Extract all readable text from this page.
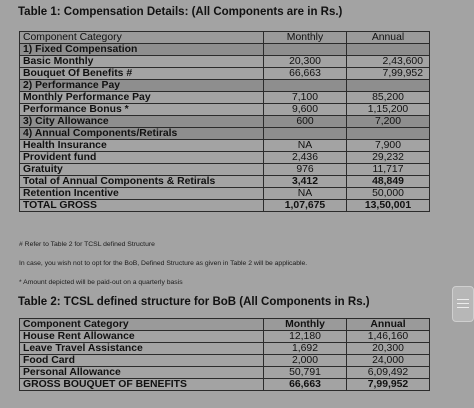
Table 1: Compensation Details: (All Components are in Rs.)
Component Category	Monthly	Annual
1) Fixed Compensation		
Basic Monthly	20,300	2,43,600
Bouquet Of Benefits #	66,663	7,99,952
2) Performance Pay		
Monthly Performance Pay	7,100	85,200
Performance Bonus *	9,600	1,15,200
3) City Allowance	600	7,200
4) Annual Components/Retirals		
Health Insurance	NA	7,900
Provident fund	2,436	29,232
Gratuity	976	11,717
Total of Annual Components & Retirals	3,412	48,849
Retention Incentive	NA	50,000
TOTAL GROSS	1,07,675	13,50,001
# Refer to Table 2 for TCSL defined Structure
In case, you wish not to opt for the BoB, Defined Structure as given in Table 2 will be applicable.
* Amount depicted will be paid-out on a quarterly basis
Table 2: TCSL defined structure for BoB (All Components in Rs.)
Component Category	Monthly	Annual
House Rent Allowance	12,180	1,46,160
Leave Travel Assistance	1,692	20,300
Food Card	2,000	24,000
Personal Allowance	50,791	6,09,492
GROSS BOUQUET OF BENEFITS	66,663	7,99,952
